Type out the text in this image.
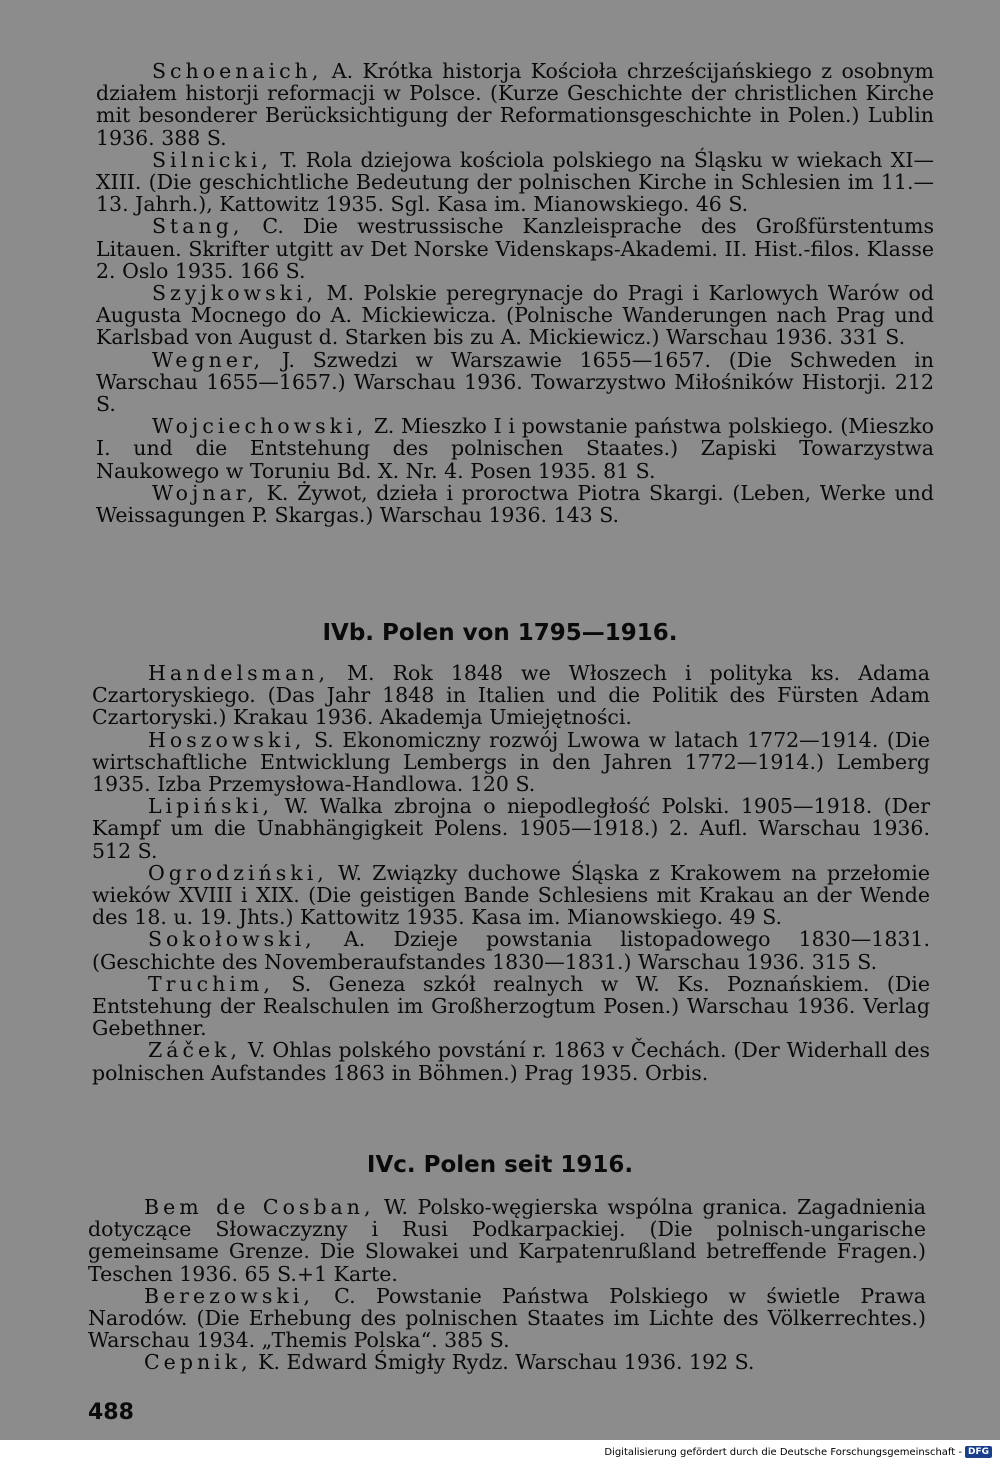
Schoenaich, A. Krótka historja Kościoła chrześcijańskiego z osobnym działem historji reformacji w Polsce. (Kurze Geschichte der christlichen Kirche mit besonderer Berücksichtigung der Reformationsgeschichte in Polen.) Lublin 1936. 388 S.

Silnicki, T. Rola dziejowa kościola polskiego na Śląsku w wiekach XI—XIII. (Die geschichtliche Bedeutung der polnischen Kirche in Schlesien im 11.—13. Jahrh.), Kattowitz 1935. Sgl. Kasa im. Mianowskiego. 46 S.

Stang, C. Die westrussische Kanzleisprache des Großfürstentums Litauen. Skrifter utgitt av Det Norske Videnskaps-Akademi. II. Hist.-filos. Klasse 2. Oslo 1935. 166 S.

Szyjkowski, M. Polskie peregrynacje do Pragi i Karlowych Warów od Augusta Mocnego do A. Mickiewicza. (Polnische Wanderungen nach Prag und Karlsbad von August d. Starken bis zu A. Mickiewicz.) Warschau 1936. 331 S.

Wegner, J. Szwedzi w Warszawie 1655—1657. (Die Schweden in Warschau 1655—1657.) Warschau 1936. Towarzystwo Miłośników Historji. 212 S.

Wojciechowski, Z. Mieszko I i powstanie państwa polskiego. (Mieszko I. und die Entstehung des polnischen Staates.) Zapiski Towarzystwa Naukowego w Toruniu Bd. X. Nr. 4. Posen 1935. 81 S.

Wojnar, K. Żywot, dzieła i proroctwa Piotra Skargi. (Leben, Werke und Weissagungen P. Skargas.) Warschau 1936. 143 S.

IVb. Polen von 1795—1916.

Handelsman, M. Rok 1848 we Włoszech i polityka ks. Adama Czartoryskiego. (Das Jahr 1848 in Italien und die Politik des Fürsten Adam Czartoryski.) Krakau 1936. Akademja Umiejętności.

Hoszowski, S. Ekonomiczny rozwój Lwowa w latach 1772—1914. (Die wirtschaftliche Entwicklung Lembergs in den Jahren 1772—1914.) Lemberg 1935. Izba Przemysłowa-Handlowa. 120 S.

Lipiński, W. Walka zbrojna o niepodległość Polski. 1905—1918. (Der Kampf um die Unabhängigkeit Polens. 1905—1918.) 2. Aufl. Warschau 1936. 512 S.

Ogrodziński, W. Związky duchowe Śląska z Krakowem na przełomie wieków XVIII i XIX. (Die geistigen Bande Schlesiens mit Krakau an der Wende des 18. u. 19. Jhts.) Kattowitz 1935. Kasa im. Mianowskiego. 49 S.

Sokołowski, A. Dzieje powstania listopadowego 1830—1831. (Geschichte des Novemberaufstandes 1830—1831.) Warschau 1936. 315 S.

Truchim, S. Geneza szkół realnych w W. Ks. Poznańskiem. (Die Entstehung der Realschulen im Großherzogtum Posen.) Warschau 1936. Verlag Gebethner.

Záček, V. Ohlas polského povstání r. 1863 v Čechách. (Der Widerhall des polnischen Aufstandes 1863 in Böhmen.) Prag 1935. Orbis.

IVc. Polen seit 1916.

Bem de Cosban, W. Polsko-węgierska wspólna granica. Zagadnienia dotyczące Słowaczyzny i Rusi Podkarpackiej. (Die polnisch-ungarische gemeinsame Grenze. Die Slowakei und Karpatenrußland betreffende Fragen.) Teschen 1936. 65 S.+1 Karte.

Berezowski, C. Powstanie Państwa Polskiego w świetle Prawa Narodów. (Die Erhebung des polnischen Staates im Lichte des Völkerrechtes.) Warschau 1934. „Themis Polska“. 385 S.

Cepnik, K. Edward Śmigły Rydz. Warschau 1936. 192 S.

488
Digitalisierung gefördert durch die Deutsche Forschungsgemeinschaft - DFG
